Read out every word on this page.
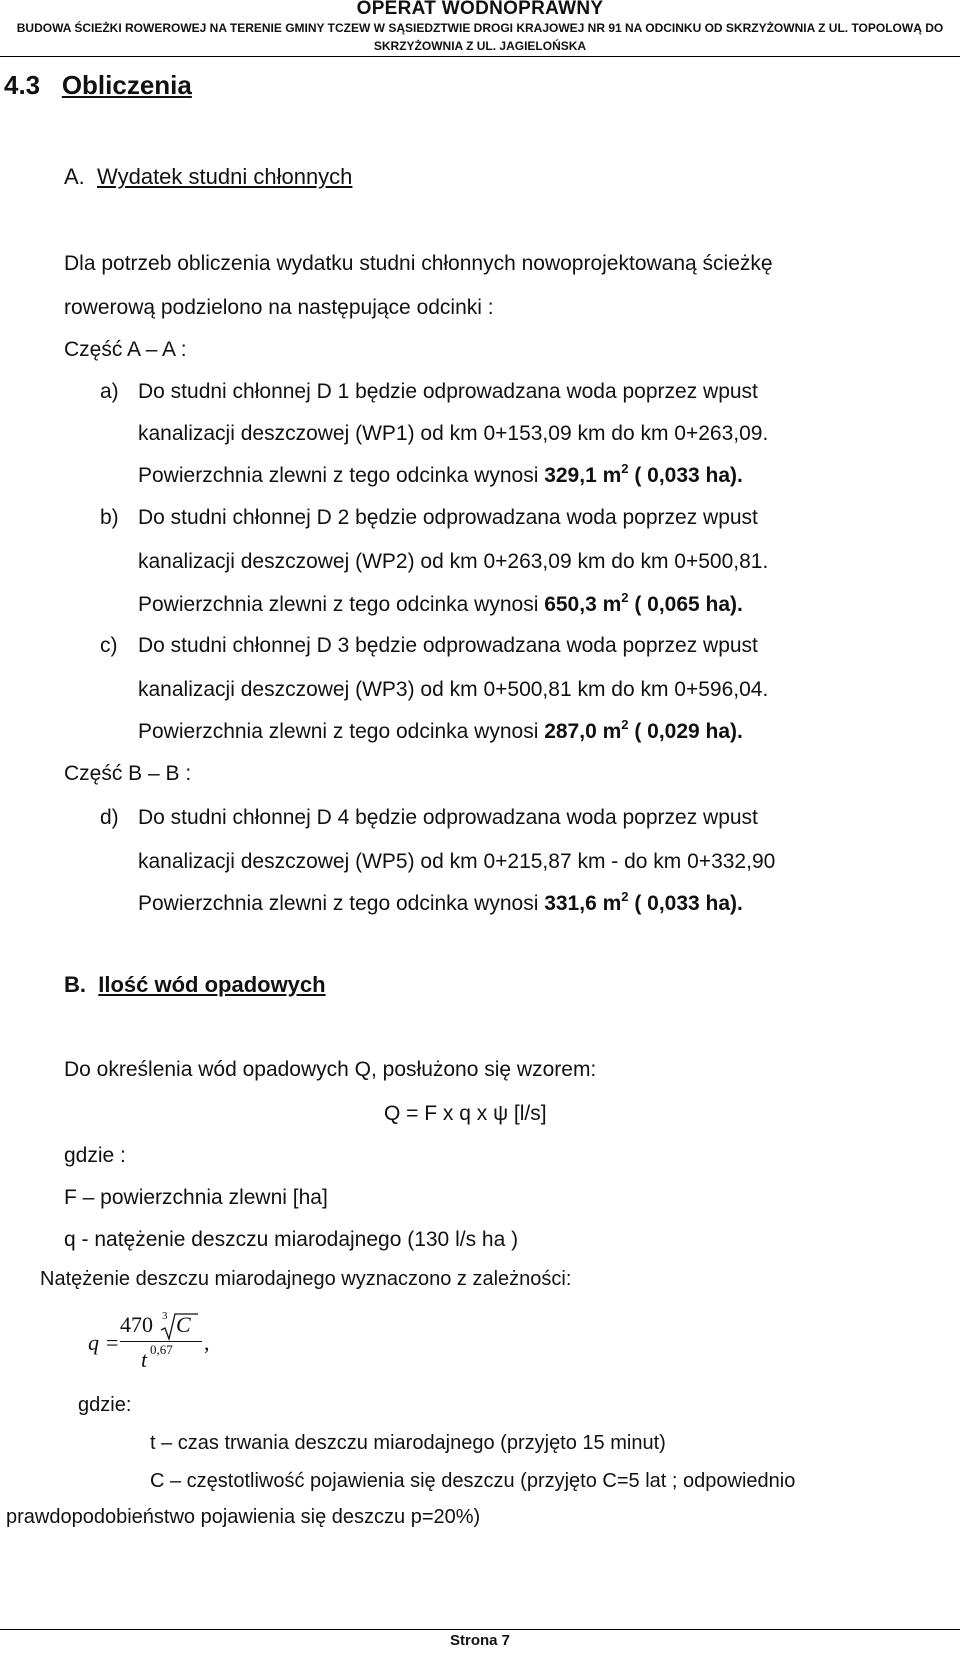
OPERAT WODNOPRAWNY
BUDOWA ŚCIEŻKI ROWEROWEJ NA TERENIE GMINY TCZEW W SĄSIEDZTWIE DROGI KRAJOWEJ NR 91 NA ODCINKU OD SKRZYŻOWNIA Z UL. TOPOLOWĄ DO
SKRZYŻOWNIA Z UL. JAGIELOŃSKA
4.3 Obliczenia
A. Wydatek studni chłonnych
Dla potrzeb obliczenia wydatku studni chłonnych nowoprojektowaną ścieżkę
rowerową podzielono na następujące odcinki :
Część A – A :
a) Do studni chłonnej D 1 będzie odprowadzana woda poprzez wpust
kanalizacji deszczowej (WP1) od km 0+153,09 km do km 0+263,09.
Powierzchnia zlewni z tego odcinka wynosi 329,1 $m^2$ ( 0,033 ha).
b) Do studni chłonnej D 2 będzie odprowadzana woda poprzez wpust
kanalizacji deszczowej (WP2) od km 0+263,09 km do km 0+500,81.
Powierzchnia zlewni z tego odcinka wynosi 650,3 $m^2$ ( 0,065 ha).
c) Do studni chłonnej D 3 będzie odprowadzana woda poprzez wpust
kanalizacji deszczowej (WP3) od km 0+500,81 km do km 0+596,04.
Powierzchnia zlewni z tego odcinka wynosi 287,0 $m^2$ ( 0,029 ha).
Część B – B :
d) Do studni chłonnej D 4 będzie odprowadzana woda poprzez wpust
kanalizacji deszczowej (WP5) od km 0+215,87 km - do km 0+332,90
Powierzchnia zlewni z tego odcinka wynosi 331,6 $m^2$ ( 0,033 ha).
B. Ilość wód opadowych
Do określenia wód opadowych Q, posłużono się wzorem:
Q = F x q x ψ [l/s]
gdzie :
F – powierzchnia zlewni [ha]
q - natężenie deszczu miarodajnego (130 l/s ha )
Natężenie deszczu miarodajnego wyznaczono z zależności:
q =
470 3 C
t 0,67 ,
gdzie:
t – czas trwania deszczu miarodajnego (przyjęto 15 minut)
C – częstotliwość pojawienia się deszczu (przyjęto C=5 lat ; odpowiednio
prawdopodobieństwo pojawienia się deszczu p=20%)
Strona 7
